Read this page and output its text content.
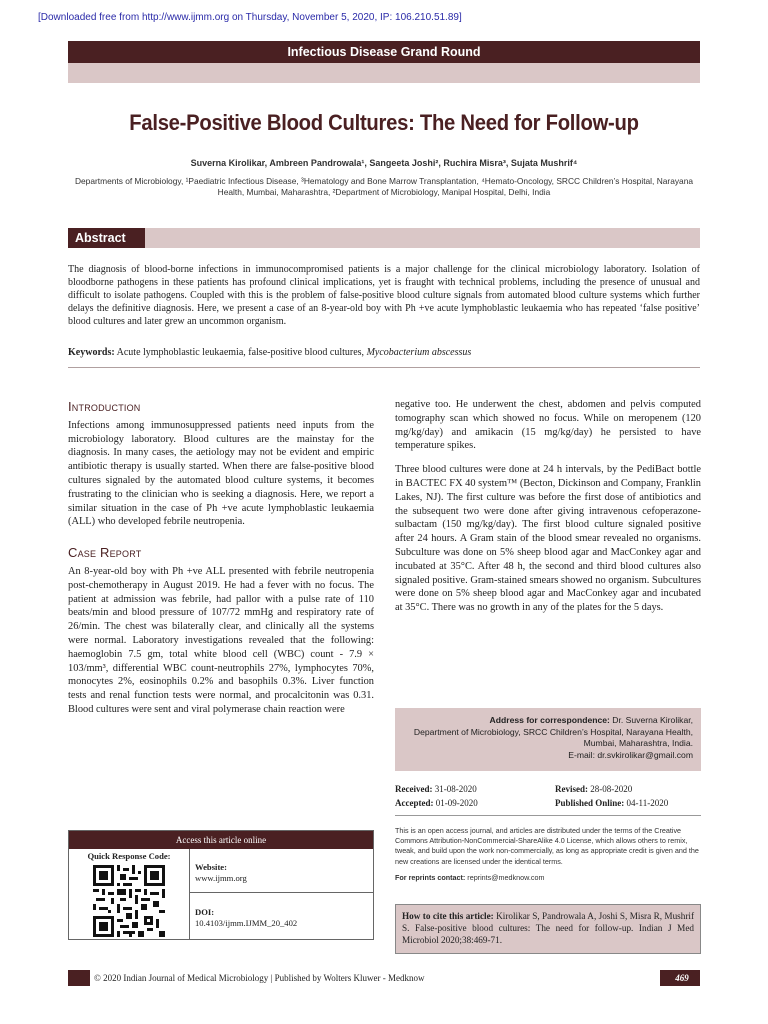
[Downloaded free from http://www.ijmm.org on Thursday, November 5, 2020, IP: 106.210.51.89]
Infectious Disease Grand Round
False-Positive Blood Cultures: The Need for Follow-up
Suverna Kirolikar, Ambreen Pandrowala¹, Sangeeta Joshi², Ruchira Misra³, Sujata Mushrif⁴
Departments of Microbiology, ¹Paediatric Infectious Disease, ³Hematology and Bone Marrow Transplantation, ⁴Hemato-Oncology, SRCC Children’s Hospital, Narayana Health, Mumbai, Maharashtra, ²Department of Microbiology, Manipal Hospital, Delhi, India
Abstract
The diagnosis of blood-borne infections in immunocompromised patients is a major challenge for the clinical microbiology laboratory. Isolation of bloodborne pathogens in these patients has profound clinical implications, yet is fraught with technical problems, including the presence of unusual and difficult to isolate pathogens. Coupled with this is the problem of false-positive blood culture signals from automated blood culture systems which further delays the definitive diagnosis. Here, we present a case of an 8-year-old boy with Ph +ve acute lymphoblastic leukaemia who has repeated ‘false positive’ blood cultures and later grew an uncommon organism.
Keywords: Acute lymphoblastic leukaemia, false-positive blood cultures, Mycobacterium abscessus
Introduction

Infections among immunosuppressed patients need inputs from the microbiology laboratory. Blood cultures are the mainstay for the diagnosis. In many cases, the aetiology may not be evident and empiric antibiotic therapy is usually started. When there are false-positive blood cultures signaled by the automated blood culture systems, it becomes frustrating to the clinician who is seeking a diagnosis. Here, we report a similar situation in the case of Ph +ve acute lymphoblastic leukaemia (ALL) who developed febrile neutropenia.

Case Report

An 8-year-old boy with Ph +ve ALL presented with febrile neutropenia post-chemotherapy in August 2019. He had a fever with no focus. The patient at admission was febrile, had pallor with a pulse rate of 110 beats/min and blood pressure of 107/72 mmHg and respiratory rate of 26/min. The chest was bilaterally clear, and clinically all the systems were normal. Laboratory investigations revealed that the following: haemoglobin 7.5 gm, total white blood cell (WBC) count - 7.9 × 103/mm³, differential WBC count-neutrophils 27%, lymphocytes 70%, monocytes 2%, eosinophils 0.2% and basophils 0.3%. Liver function tests and renal function tests were normal, and procalcitonin was 0.31. Blood cultures were sent and viral polymerase chain reaction were

negative too. He underwent the chest, abdomen and pelvis computed tomography scan which showed no focus. While on meropenem (120 mg/kg/day) and amikacin (15 mg/kg/day) he persisted to have temperature spikes.

Three blood cultures were done at 24 h intervals, by the PediBact bottle in BACTEC FX 40 system™ (Becton, Dickinson and Company, Franklin Lakes, NJ). The first culture was before the first dose of antibiotics and the subsequent two were done after giving intravenous cefoperazone-sulbactam (150 mg/kg/day). The first blood culture signaled positive after 24 hours. A Gram stain of the blood smear revealed no organisms. Subculture was done on 5% sheep blood agar and MacConkey agar and incubated at 35°C. After 48 h, the second and third blood cultures also signaled positive. Gram-stained smears showed no organism. Subcultures were done on 5% sheep blood agar and MacConkey agar and incubated at 35°C. There was no growth in any of the plates for the 5 days.

Address for correspondence: Dr. Suverna Kirolikar,
Department of Microbiology, SRCC Children’s Hospital, Narayana Health,
Mumbai, Maharashtra, India.
E-mail: dr.svkirolikar@gmail.com
Received: 31-08-2020
Accepted: 01-09-2020
Revised: 28-08-2020
Published Online: 04-11-2020
This is an open access journal, and articles are distributed under the terms of the Creative Commons Attribution-NonCommercial-ShareAlike 4.0 License, which allows others to remix, tweak, and build upon the work non-commercially, as long as appropriate credit is given and the new creations are licensed under the identical terms.
For reprints contact: reprints@medknow.com
How to cite this article: Kirolikar S, Pandrowala A, Joshi S, Misra R, Mushrif S. False-positive blood cultures: The need for follow-up. Indian J Med Microbiol 2020;38:469-71.
Access this article online
Quick Response Code:
Website:
www.ijmm.org
DOI:
10.4103/ijmm.IJMM_20_402
© 2020 Indian Journal of Medical Microbiology | Published by Wolters Kluwer - Medknow	469
